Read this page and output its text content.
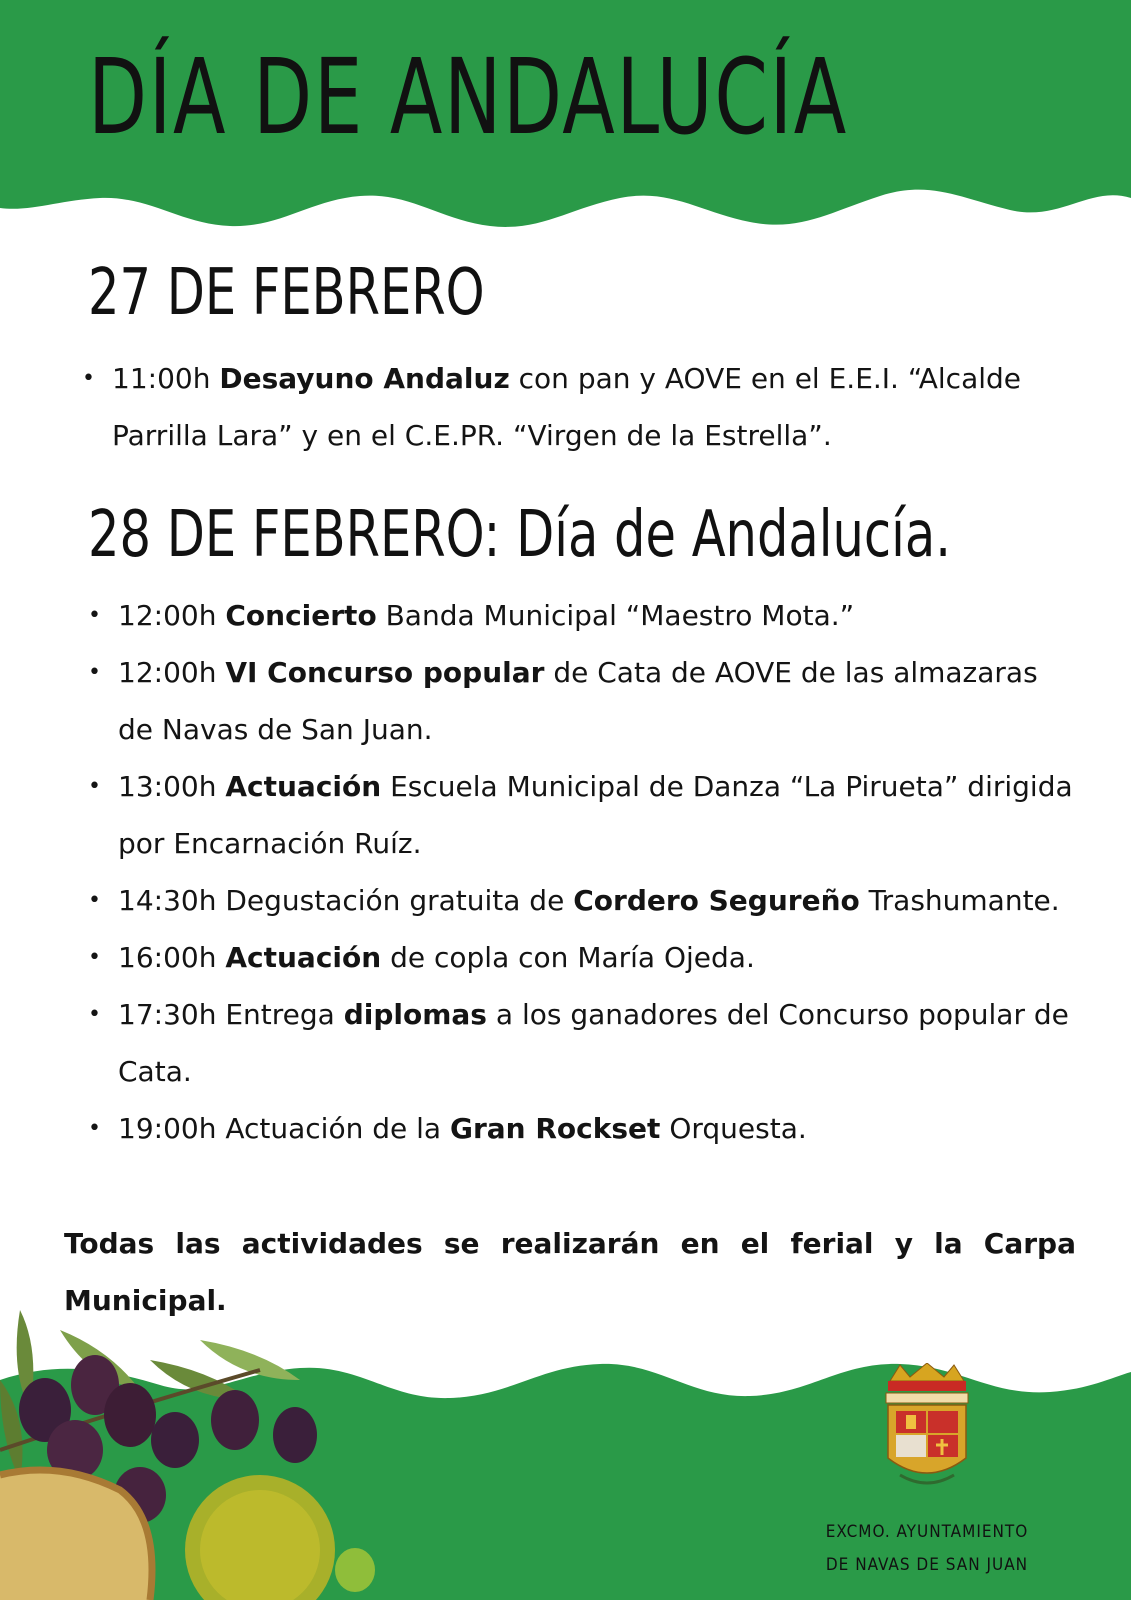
DÍA DE ANDALUCÍA
27 DE FEBRERO
• 11:00h Desayuno Andaluz con pan y AOVE en el E.E.I. “Alcalde Parrilla Lara” y en el C.E.PR. “Virgen de la Estrella”.
28 DE FEBRERO: Día de Andalucía.
• 12:00h Concierto Banda Municipal “Maestro Mota.”
• 12:00h VI Concurso popular de Cata de AOVE de las almazaras de Navas de San Juan.
• 13:00h Actuación Escuela Municipal de Danza “La Pirueta” dirigida por Encarnación Ruíz.
• 14:30h Degustación gratuita de Cordero Segureño Trashumante.
• 16:00h Actuación de copla con María Ojeda.
• 17:30h Entrega diplomas a los ganadores del Concurso popular de Cata.
• 19:00h Actuación de la Gran Rockset Orquesta.

Todas las actividades se realizarán en el ferial y la Carpa Municipal.

EXCMO. AYUNTAMIENTO

DE NAVAS DE SAN JUAN
